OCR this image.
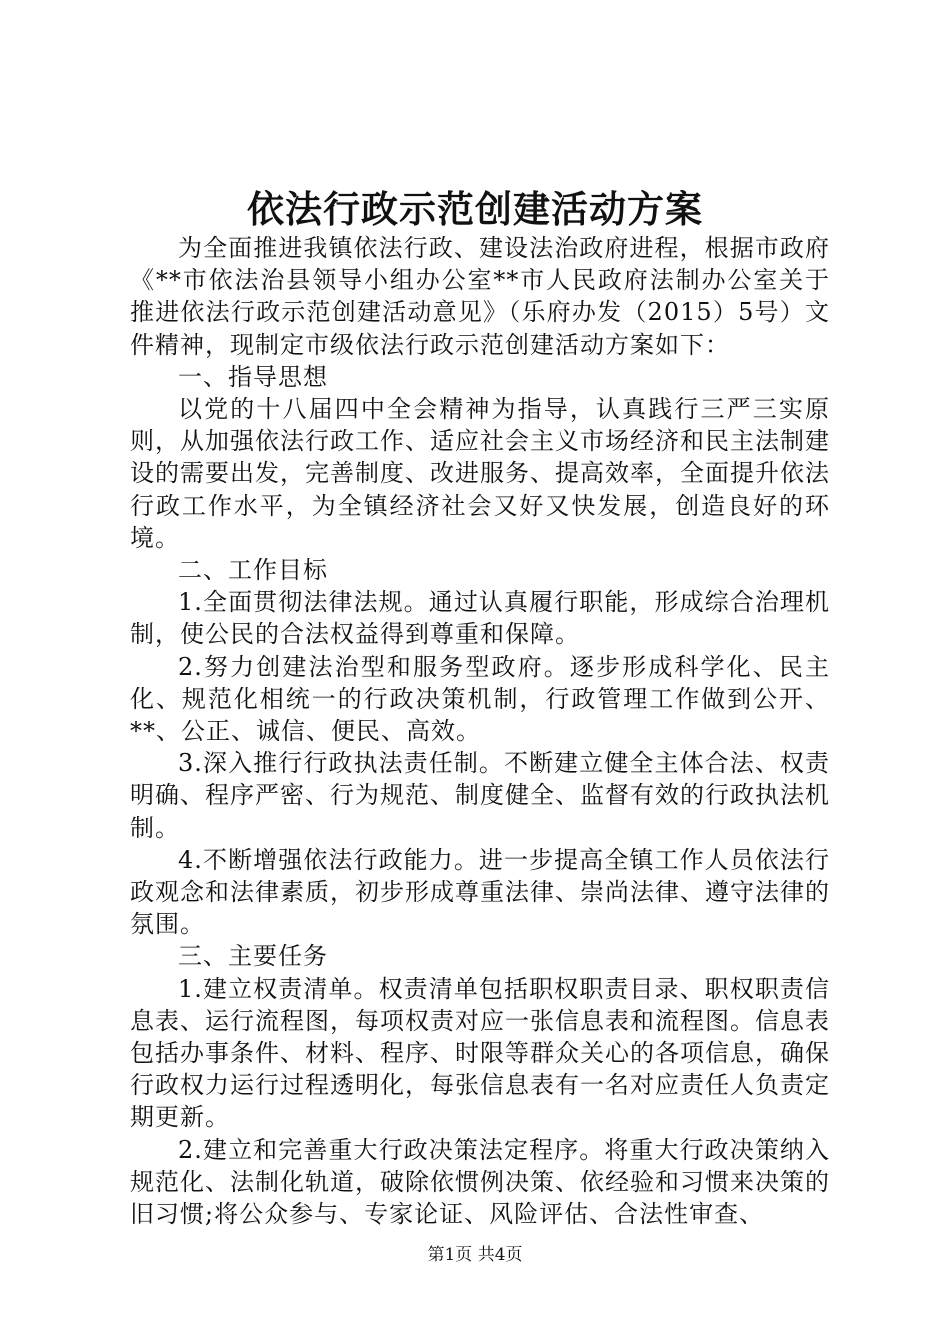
依法行政示范创建活动方案

为全面推进我镇依法行政、建设法治政府进程，根据市政府《**市依法治县领导小组办公室**市人民政府法制办公室关于推进依法行政示范创建活动意见》（乐府办发（2015）5号）文件精神，现制定市级依法行政示范创建活动方案如下：

一、指导思想

以党的十八届四中全会精神为指导，认真践行三严三实原则，从加强依法行政工作、适应社会主义市场经济和民主法制建设的需要出发，完善制度、改进服务、提高效率，全面提升依法行政工作水平，为全镇经济社会又好又快发展，创造良好的环境。

二、工作目标

1.全面贯彻法律法规。通过认真履行职能，形成综合治理机制，使公民的合法权益得到尊重和保障。

2.努力创建法治型和服务型政府。逐步形成科学化、民主化、规范化相统一的行政决策机制，行政管理工作做到公开、**、公正、诚信、便民、高效。

3.深入推行行政执法责任制。不断建立健全主体合法、权责明确、程序严密、行为规范、制度健全、监督有效的行政执法机制。

4.不断增强依法行政能力。进一步提高全镇工作人员依法行政观念和法律素质，初步形成尊重法律、崇尚法律、遵守法律的氛围。

三、主要任务

1.建立权责清单。权责清单包括职权职责目录、职权职责信息表、运行流程图，每项权责对应一张信息表和流程图。信息表包括办事条件、材料、程序、时限等群众关心的各项信息，确保行政权力运行过程透明化，每张信息表有一名对应责任人负责定期更新。

2.建立和完善重大行政决策法定程序。将重大行政决策纳入规范化、法制化轨道，破除依惯例决策、依经验和习惯来决策的旧习惯;将公众参与、专家论证、风险评估、合法性审查、

第1页 共4页
